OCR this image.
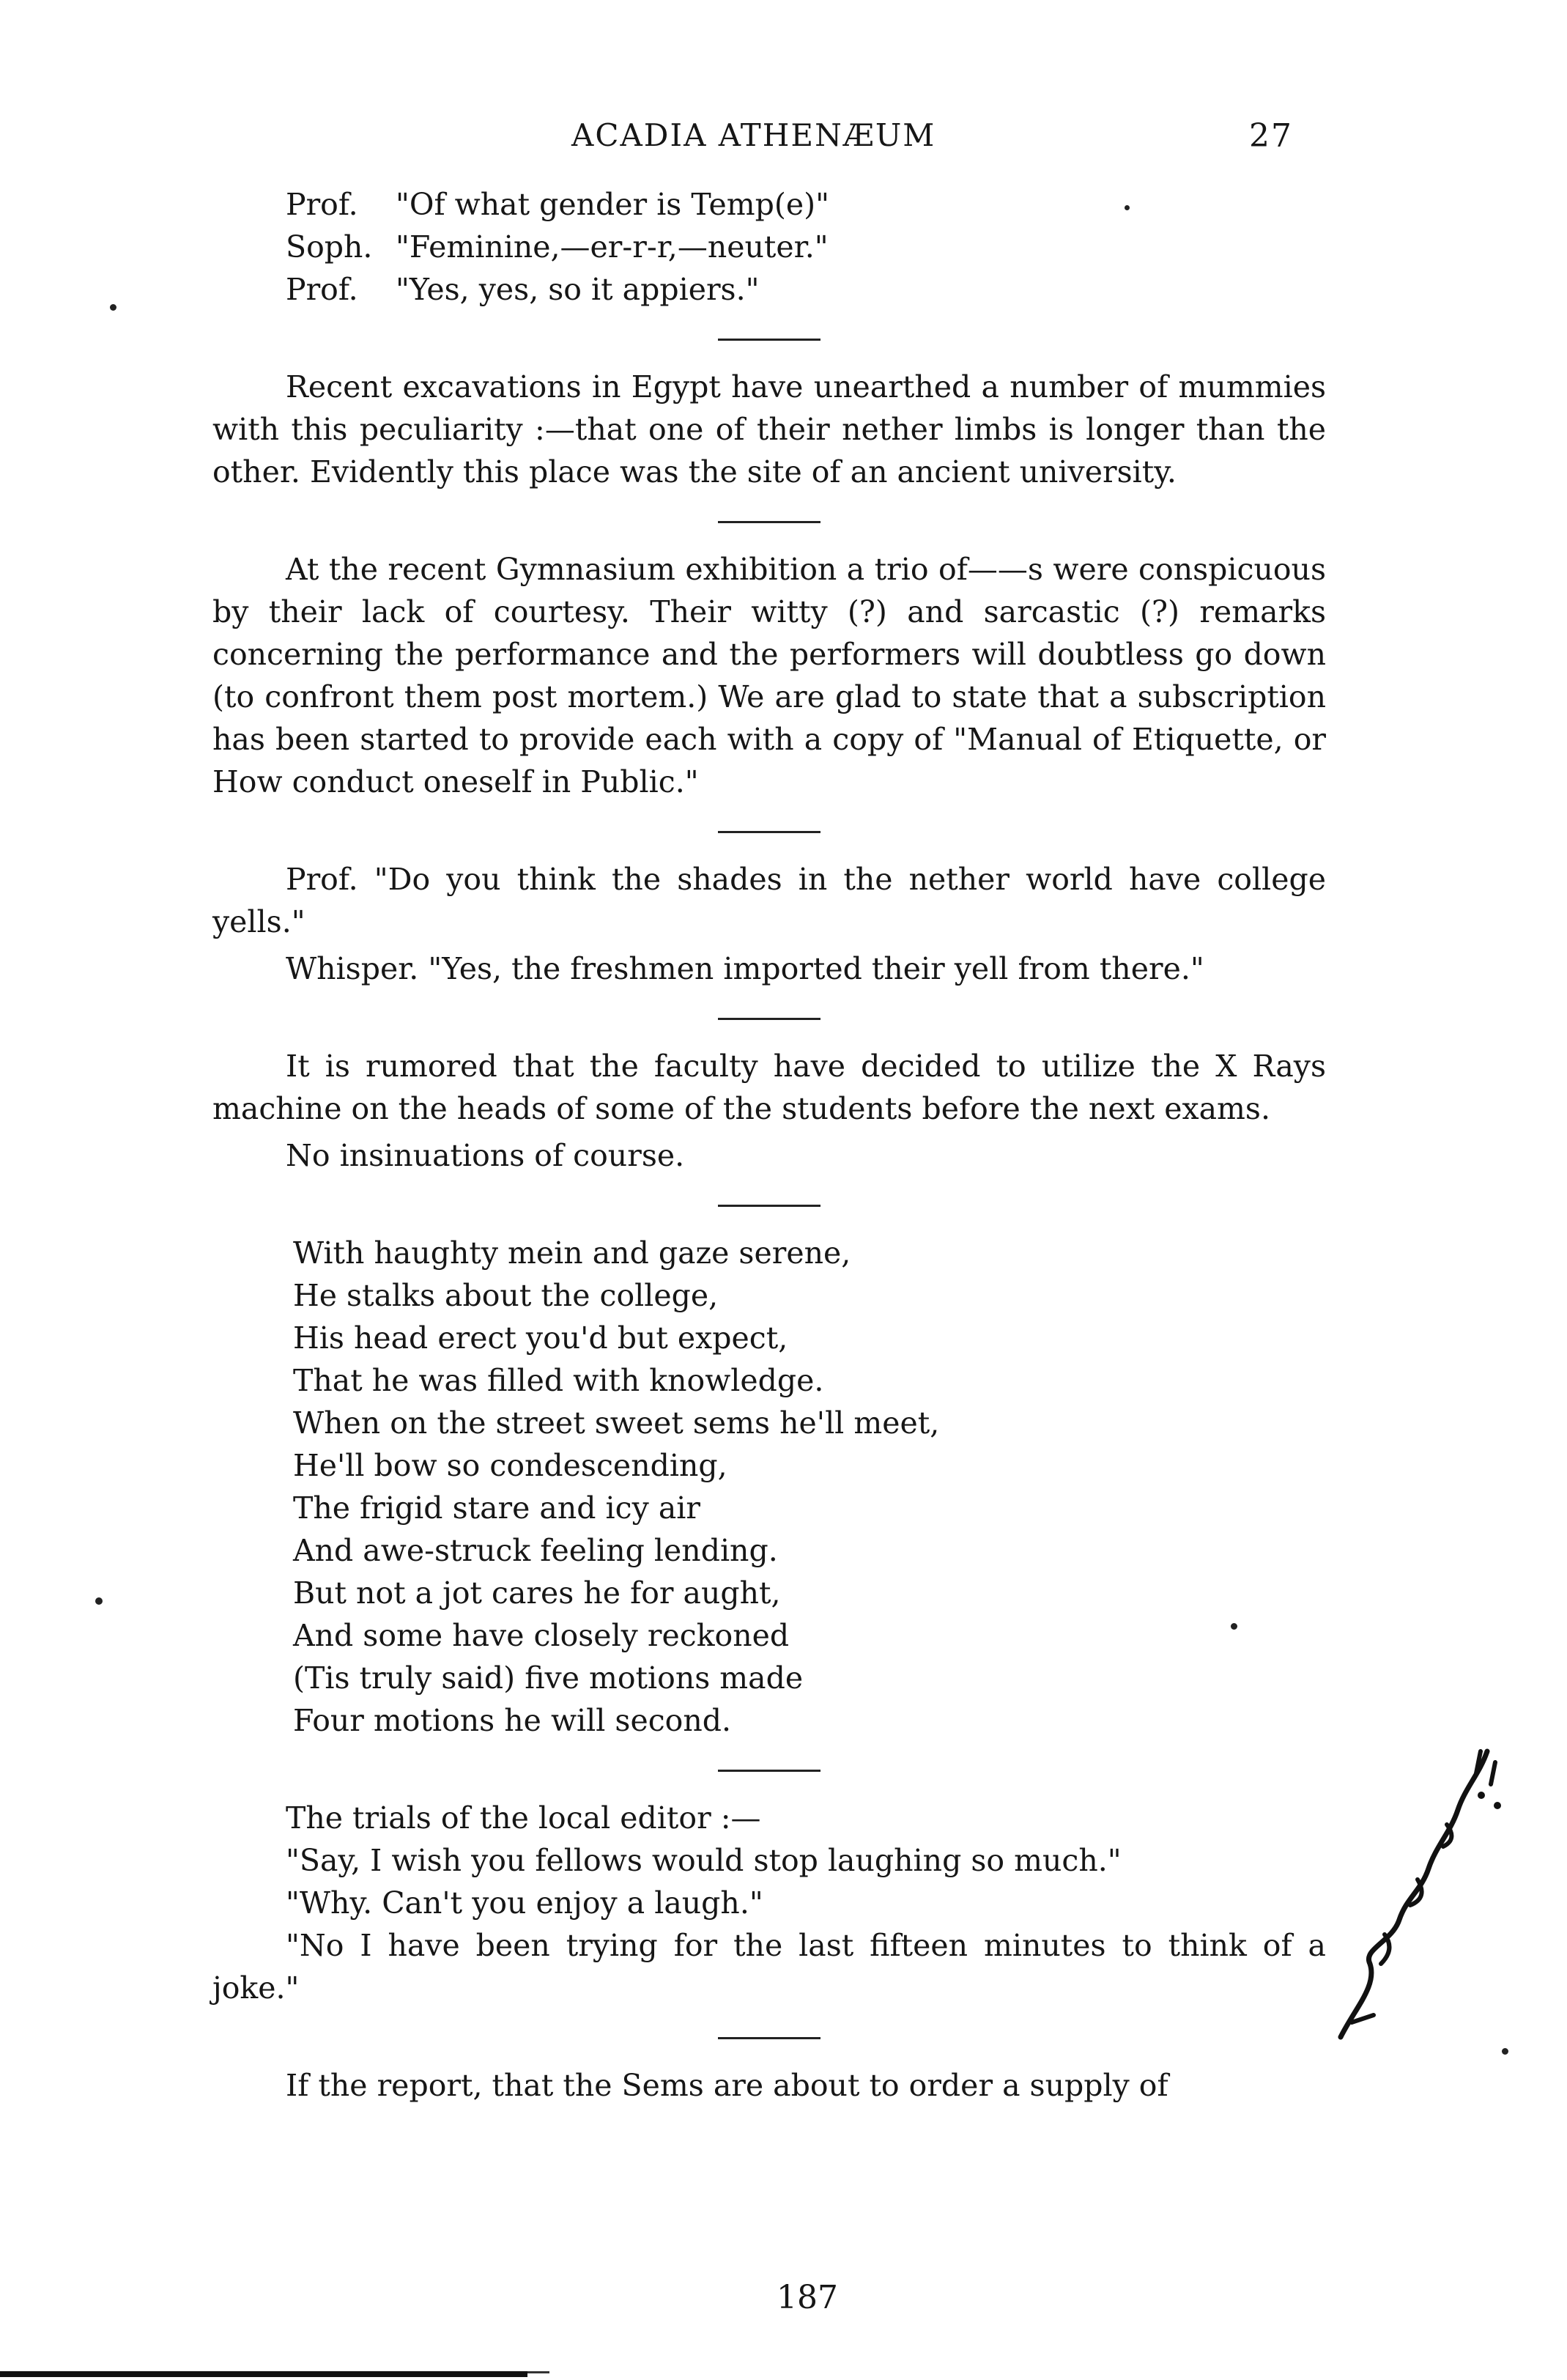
ACADIA ATHENÆUM	27
Prof. "Of what gender is Temp(e)"
Soph. "Feminine,—er-r-r,—neuter."
Prof. "Yes, yes, so it appiers."

Recent excavations in Egypt have unearthed a number of mummies with this peculiarity :—that one of their nether limbs is longer than the other. Evidently this place was the site of an ancient university.

At the recent Gymnasium exhibition a trio of——s were conspicuous by their lack of courtesy. Their witty (?) and sarcastic (?) remarks concerning the performance and the performers will doubtless go down (to confront them post mortem.) We are glad to state that a subscription has been started to provide each with a copy of "Manual of Etiquette, or How conduct oneself in Public."

Prof. "Do you think the shades in the nether world have college yells."

Whisper. "Yes, the freshmen imported their yell from there."

It is rumored that the faculty have decided to utilize the X Rays machine on the heads of some of the students before the next exams.

No insinuations of course.

With haughty mein and gaze serene,
He stalks about the college,
His head erect you'd but expect,
That he was filled with knowledge.
When on the street sweet sems he'll meet,
He'll bow so condescending,
The frigid stare and icy air
And awe-struck feeling lending.
But not a jot cares he for aught,
And some have closely reckoned
(Tis truly said) five motions made
Four motions he will second.
The trials of the local editor :—
"Say, I wish you fellows would stop laughing so much."
"Why. Can't you enjoy a laugh."

"No I have been trying for the last fifteen minutes to think of a joke."

If the report, that the Sems are about to order a supply of

187
